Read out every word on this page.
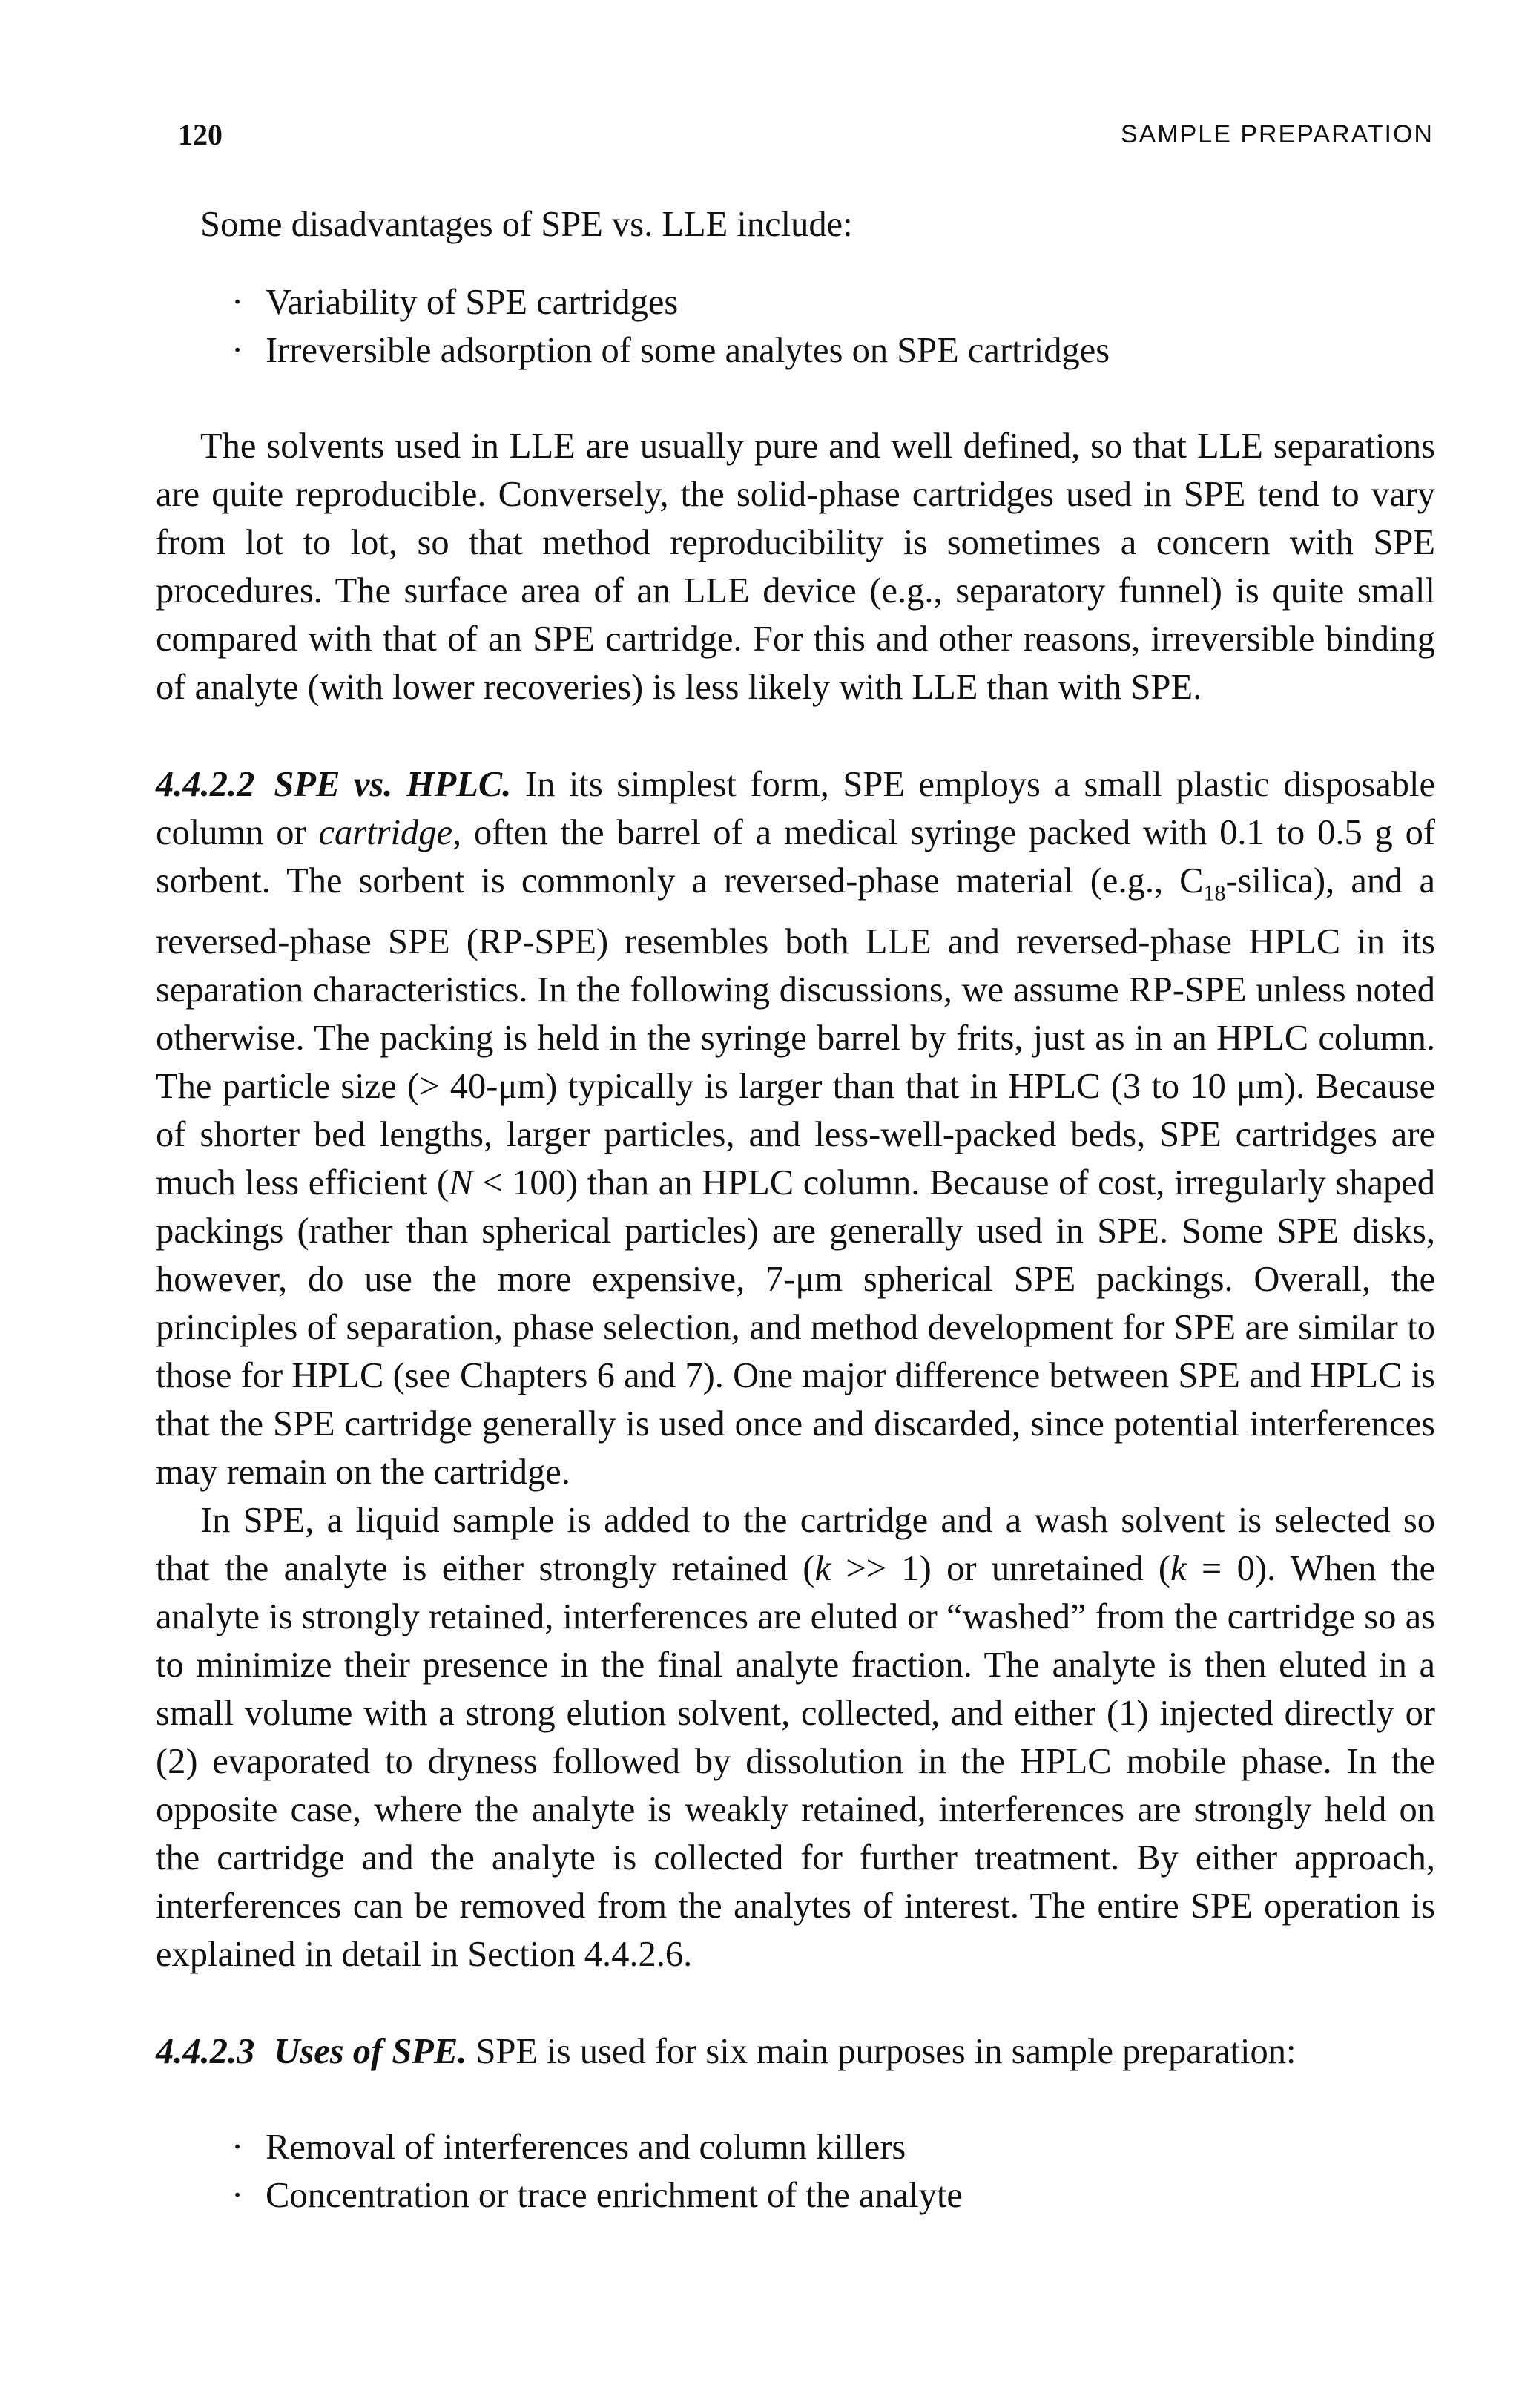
120	SAMPLE PREPARATION

Some disadvantages of SPE vs. LLE include:

· Variability of SPE cartridges
· Irreversible adsorption of some analytes on SPE cartridges

The solvents used in LLE are usually pure and well defined, so that LLE separations are quite reproducible. Conversely, the solid-phase cartridges used in SPE tend to vary from lot to lot, so that method reproducibility is sometimes a concern with SPE procedures. The surface area of an LLE device (e.g., separatory funnel) is quite small compared with that of an SPE cartridge. For this and other reasons, irreversible binding of analyte (with lower recoveries) is less likely with LLE than with SPE.

4.4.2.2 SPE vs. HPLC. In its simplest form, SPE employs a small plastic disposable column or cartridge, often the barrel of a medical syringe packed with 0.1 to 0.5 g of sorbent. The sorbent is commonly a reversed-phase material (e.g., $C_{18}-silica$), and a reversed-phase SPE (RP-SPE) resembles both LLE and reversed-phase HPLC in its separation characteristics. In the following discussions, we assume RP-SPE unless noted otherwise. The packing is held in the syringe barrel by frits, just as in an HPLC column. The particle size (> 40-μm) typically is larger than that in HPLC (3 to 10 μm). Because of shorter bed lengths, larger particles, and less-well-packed beds, SPE cartridges are much less efficient (N < 100) than an HPLC column. Because of cost, irregularly shaped packings (rather than spherical particles) are generally used in SPE. Some SPE disks, however, do use the more expensive, 7-μm spherical SPE packings. Overall, the principles of separation, phase selection, and method development for SPE are similar to those for HPLC (see Chapters 6 and 7). One major difference between SPE and HPLC is that the SPE cartridge generally is used once and discarded, since potential interferences may remain on the cartridge.

In SPE, a liquid sample is added to the cartridge and a wash solvent is selected so that the analyte is either strongly retained (k >> 1) or unretained (k = 0). When the analyte is strongly retained, interferences are eluted or “washed” from the cartridge so as to minimize their presence in the final analyte fraction. The analyte is then eluted in a small volume with a strong elution solvent, collected, and either (1) injected directly or (2) evaporated to dryness followed by dissolution in the HPLC mobile phase. In the opposite case, where the analyte is weakly retained, interferences are strongly held on the cartridge and the analyte is collected for further treatment. By either approach, interferences can be removed from the analytes of interest. The entire SPE operation is explained in detail in Section 4.4.2.6.

4.4.2.3 Uses of SPE. SPE is used for six main purposes in sample preparation:

· Removal of interferences and column killers
· Concentration or trace enrichment of the analyte
